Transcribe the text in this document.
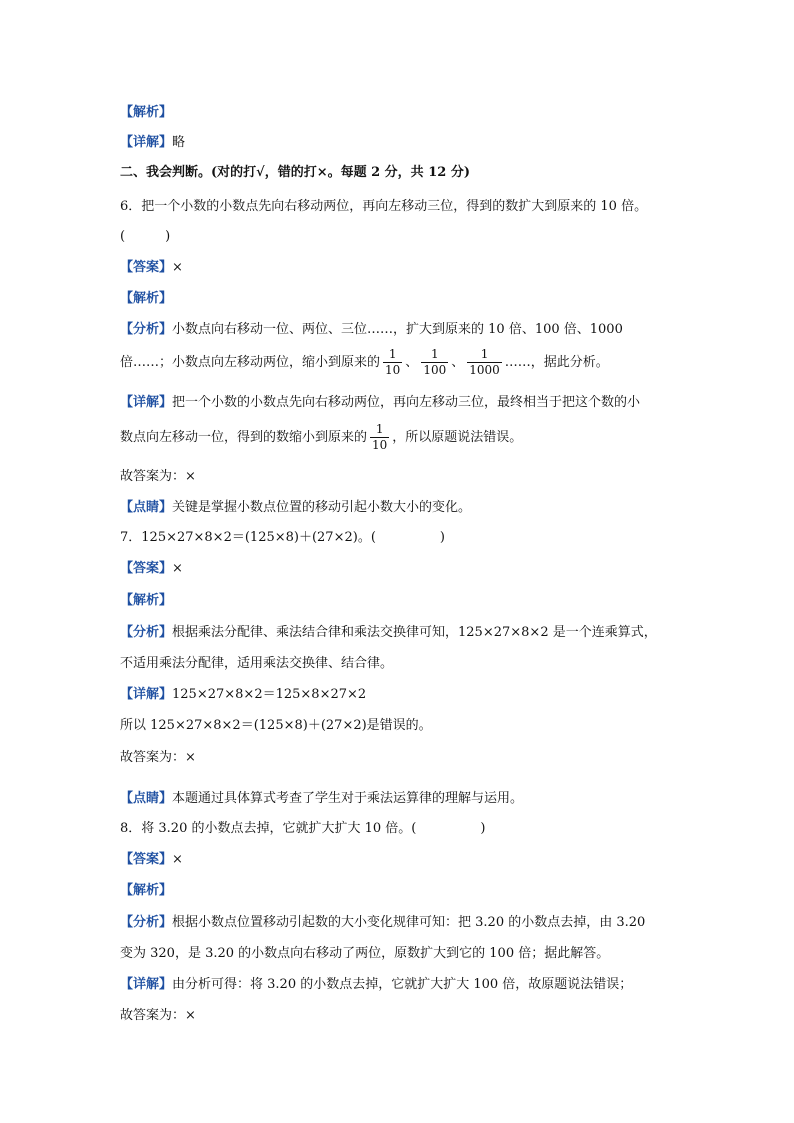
【解析】
【详解】略
二、我会判断。(对的打√，错的打×。每题 2 分，共 12 分)
6．把一个小数的小数点先向右移动两位，再向左移动三位，得到的数扩大到原来的 10 倍。
(	)
【答案】×
【解析】
【分析】小数点向右移动一位、两位、三位……，扩大到原来的 10 倍、100 倍、1000
倍……；小数点向左移动两位，缩小到原来的 $\frac{1}{10}$ 、 $\frac{1}{100}$ 、 $\frac{1}{1000}$ ……，据此分析。
【详解】把一个小数的小数点先向右移动两位，再向左移动三位，最终相当于把这个数的小
数点向左移动一位，得到的数缩小到原来的 $\frac{1}{10}$ ，所以原题说法错误。
故答案为：×
【点睛】关键是掌握小数点位置的移动引起小数大小的变化。
7．125×27×8×2＝(125×8)＋(27×2)。(	)
【答案】×
【解析】
【分析】根据乘法分配律、乘法结合律和乘法交换律可知，125×27×8×2 是一个连乘算式，
不适用乘法分配律，适用乘法交换律、结合律。
【详解】125×27×8×2＝125×8×27×2
所以 125×27×8×2＝(125×8)＋(27×2)是错误的。
故答案为：×
【点睛】本题通过具体算式考查了学生对于乘法运算律的理解与运用。
8．将 3.20 的小数点去掉，它就扩大扩大 10 倍。(	)
【答案】×
【解析】
【分析】根据小数点位置移动引起数的大小变化规律可知：把 3.20 的小数点去掉，由 3.20
变为 320，是 3.20 的小数点向右移动了两位，原数扩大到它的 100 倍；据此解答。
【详解】由分析可得：将 3.20 的小数点去掉，它就扩大扩大 100 倍，故原题说法错误；
故答案为：×
